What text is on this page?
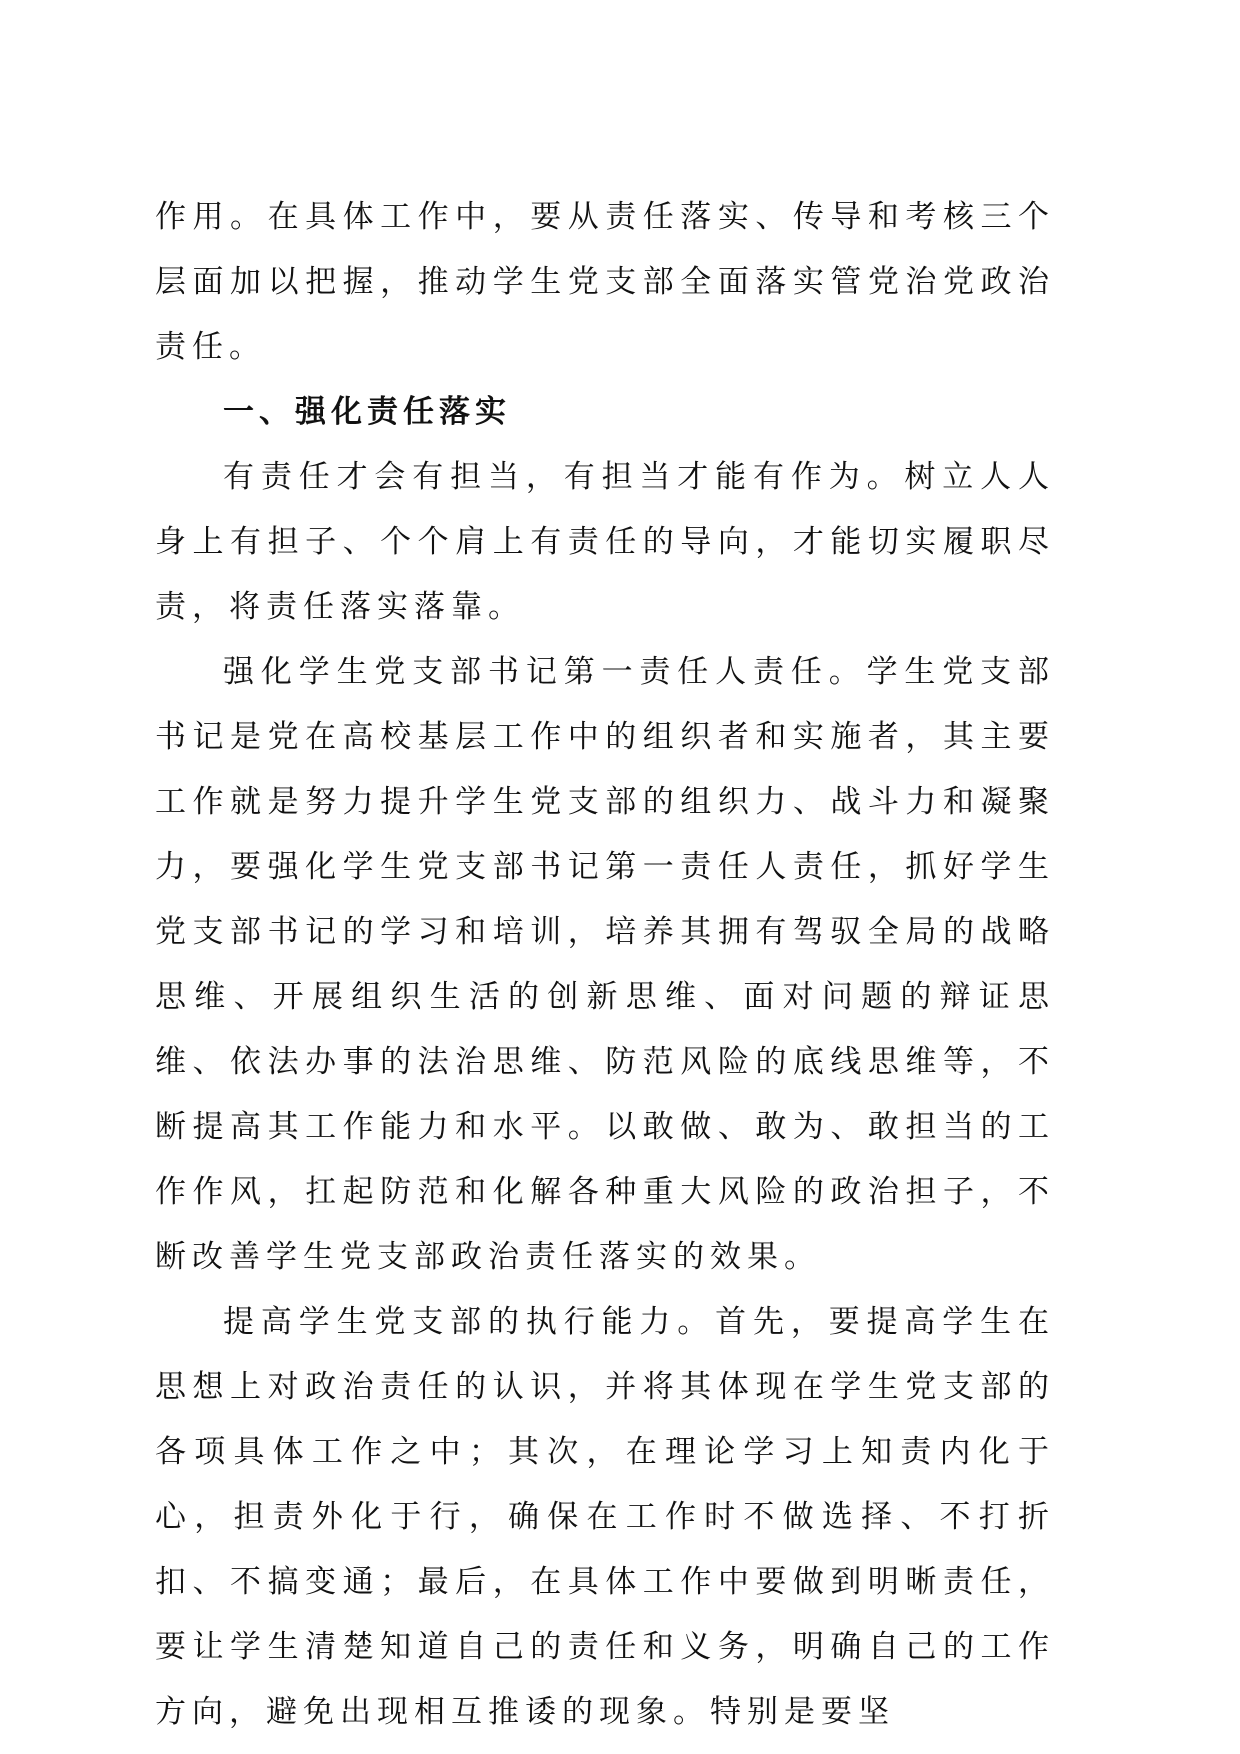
作用。在具体工作中，要从责任落实、传导和考核三个层面加以把握，推动学生党支部全面落实管党治党政治责任。

一、强化责任落实

有责任才会有担当，有担当才能有作为。树立人人身上有担子、个个肩上有责任的导向，才能切实履职尽责，将责任落实落靠。

强化学生党支部书记第一责任人责任。学生党支部书记是党在高校基层工作中的组织者和实施者，其主要工作就是努力提升学生党支部的组织力、战斗力和凝聚力，要强化学生党支部书记第一责任人责任，抓好学生党支部书记的学习和培训，培养其拥有驾驭全局的战略思维、开展组织生活的创新思维、面对问题的辩证思维、依法办事的法治思维、防范风险的底线思维等，不断提高其工作能力和水平。以敢做、敢为、敢担当的工作作风，扛起防范和化解各种重大风险的政治担子，不断改善学生党支部政治责任落实的效果。

提高学生党支部的执行能力。首先，要提高学生在思想上对政治责任的认识，并将其体现在学生党支部的各项具体工作之中；其次，在理论学习上知责内化于心，担责外化于行，确保在工作时不做选择、不打折扣、不搞变通；最后，在具体工作中要做到明晰责任，要让学生清楚知道自己的责任和义务，明确自己的工作方向，避免出现相互推诿的现象。特别是要坚
